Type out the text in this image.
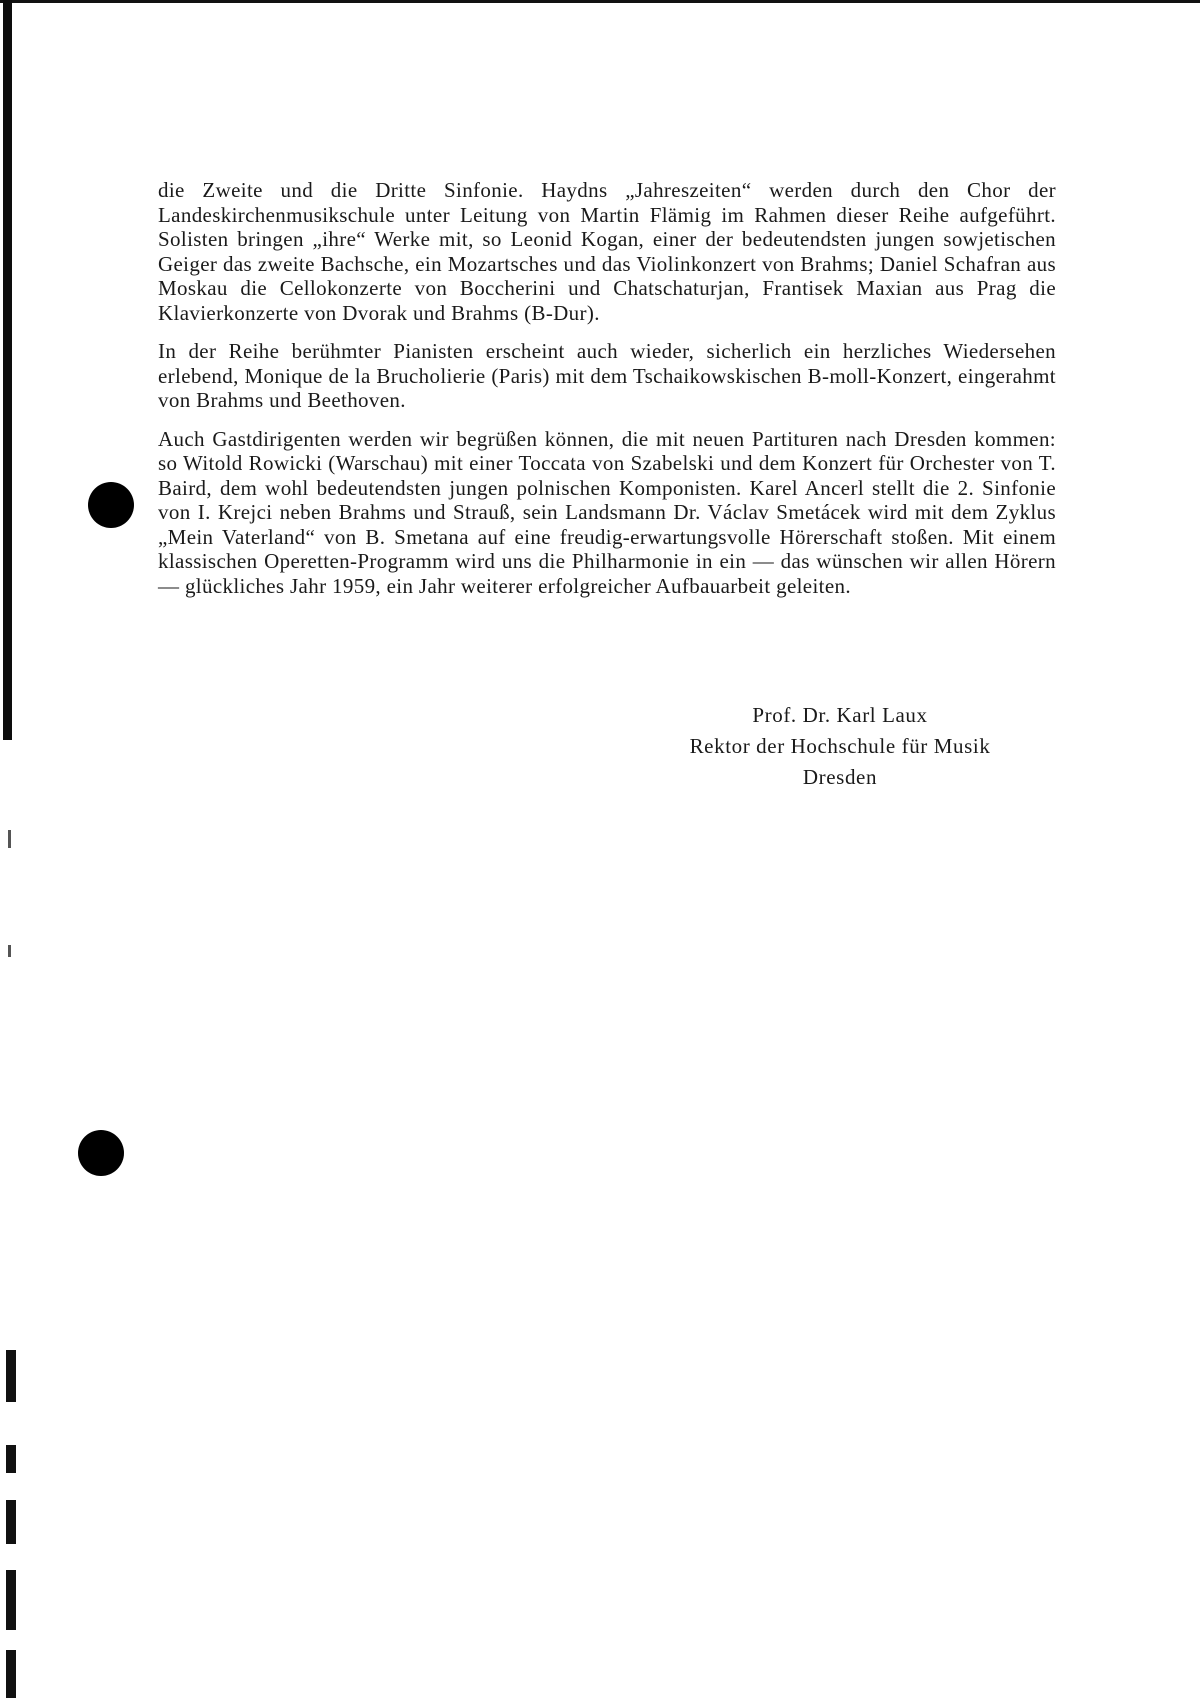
die Zweite und die Dritte Sinfonie. Haydns „Jahreszeiten“ werden durch den Chor der Landeskirchenmusikschule unter Leitung von Martin Flämig im Rahmen dieser Reihe aufgeführt. Solisten bringen „ihre“ Werke mit, so Leonid Kogan, einer der bedeutendsten jungen sowjetischen Geiger das zweite Bachsche, ein Mozartsches und das Violinkonzert von Brahms; Daniel Schafran aus Moskau die Cellokonzerte von Boccherini und Chatschaturjan, Frantisek Maxian aus Prag die Klavierkonzerte von Dvorak und Brahms (B-Dur).

In der Reihe berühmter Pianisten erscheint auch wieder, sicherlich ein herzliches Wiedersehen erlebend, Monique de la Brucholierie (Paris) mit dem Tschaikowskischen B-moll-Konzert, eingerahmt von Brahms und Beethoven.

Auch Gastdirigenten werden wir begrüßen können, die mit neuen Partituren nach Dresden kommen: so Witold Rowicki (Warschau) mit einer Toccata von Szabelski und dem Konzert für Orchester von T. Baird, dem wohl bedeutendsten jungen polnischen Komponisten. Karel Ancerl stellt die 2. Sinfonie von I. Krejci neben Brahms und Strauß, sein Landsmann Dr. Václav Smetácek wird mit dem Zyklus „Mein Vaterland“ von B. Smetana auf eine freudig-erwartungsvolle Hörerschaft stoßen. Mit einem klassischen Operetten-Programm wird uns die Philharmonie in ein — das wünschen wir allen Hörern — glückliches Jahr 1959, ein Jahr weiterer erfolgreicher Aufbauarbeit geleiten.

Prof. Dr. Karl Laux
Rektor der Hochschule für Musik
Dresden
